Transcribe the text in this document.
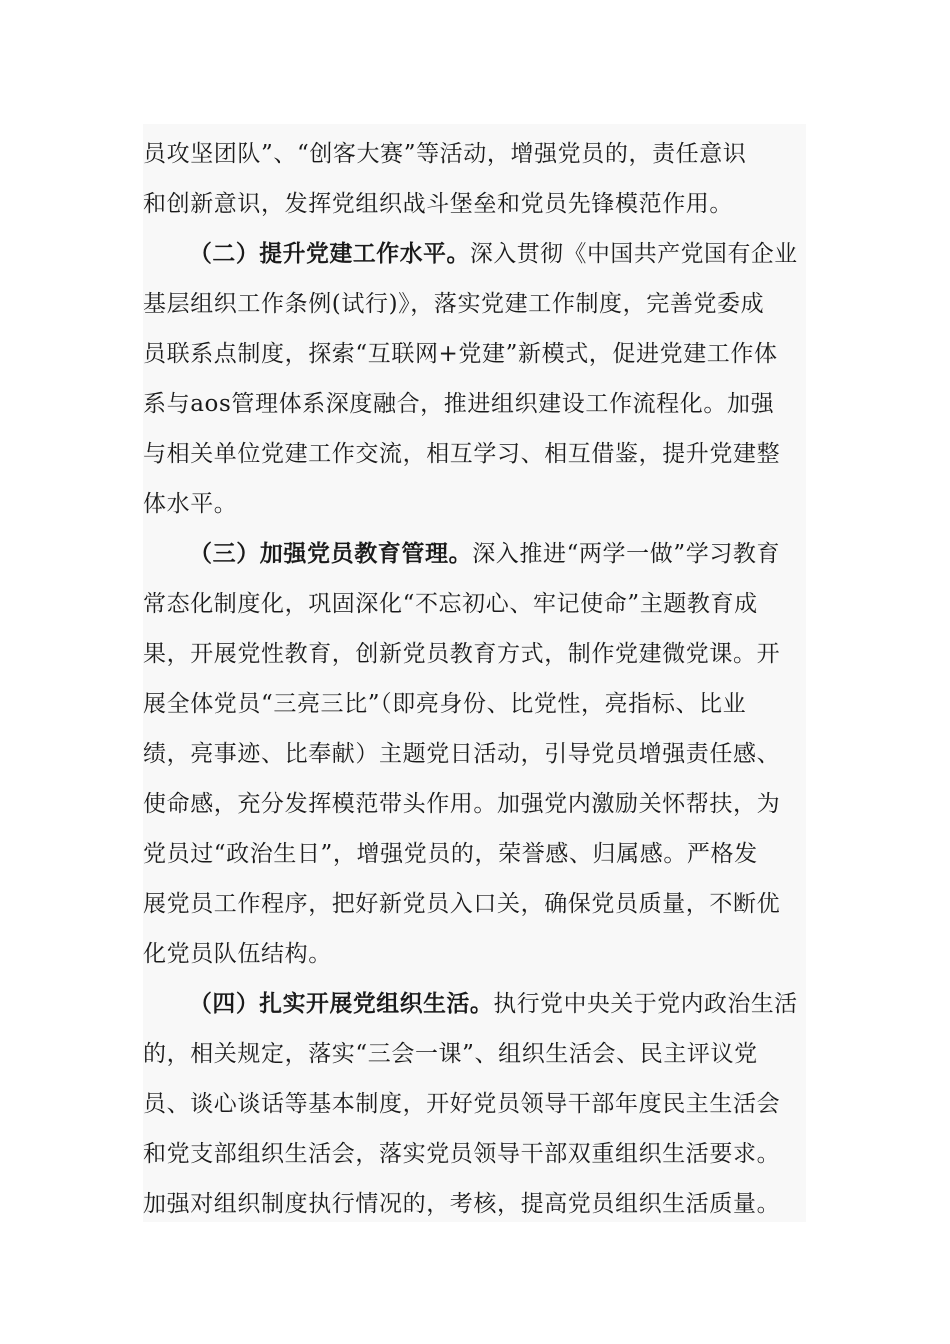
员攻坚团队”、“创客大赛”等活动，增强党员的，责任意识
和创新意识，发挥党组织战斗堡垒和党员先锋模范作用。
（二）提升党建工作水平。深入贯彻《中国共产党国有企业
基层组织工作条例(试行)》，落实党建工作制度，完善党委成
员联系点制度，探索“互联网+党建”新模式，促进党建工作体
系与aos管理体系深度融合，推进组织建设工作流程化。加强
与相关单位党建工作交流，相互学习、相互借鉴，提升党建整
体水平。
（三）加强党员教育管理。深入推进“两学一做”学习教育
常态化制度化，巩固深化“不忘初心、牢记使命”主题教育成
果，开展党性教育，创新党员教育方式，制作党建微党课。开
展全体党员“三亮三比”（即亮身份、比党性，亮指标、比业
绩，亮事迹、比奉献）主题党日活动，引导党员增强责任感、
使命感，充分发挥模范带头作用。加强党内激励关怀帮扶，为
党员过“政治生日”，增强党员的，荣誉感、归属感。严格发
展党员工作程序，把好新党员入口关，确保党员质量，不断优
化党员队伍结构。
（四）扎实开展党组织生活。执行党中央关于党内政治生活
的，相关规定，落实“三会一课”、组织生活会、民主评议党
员、谈心谈话等基本制度，开好党员领导干部年度民主生活会
和党支部组织生活会，落实党员领导干部双重组织生活要求。
加强对组织制度执行情况的，考核，提高党员组织生活质量。
